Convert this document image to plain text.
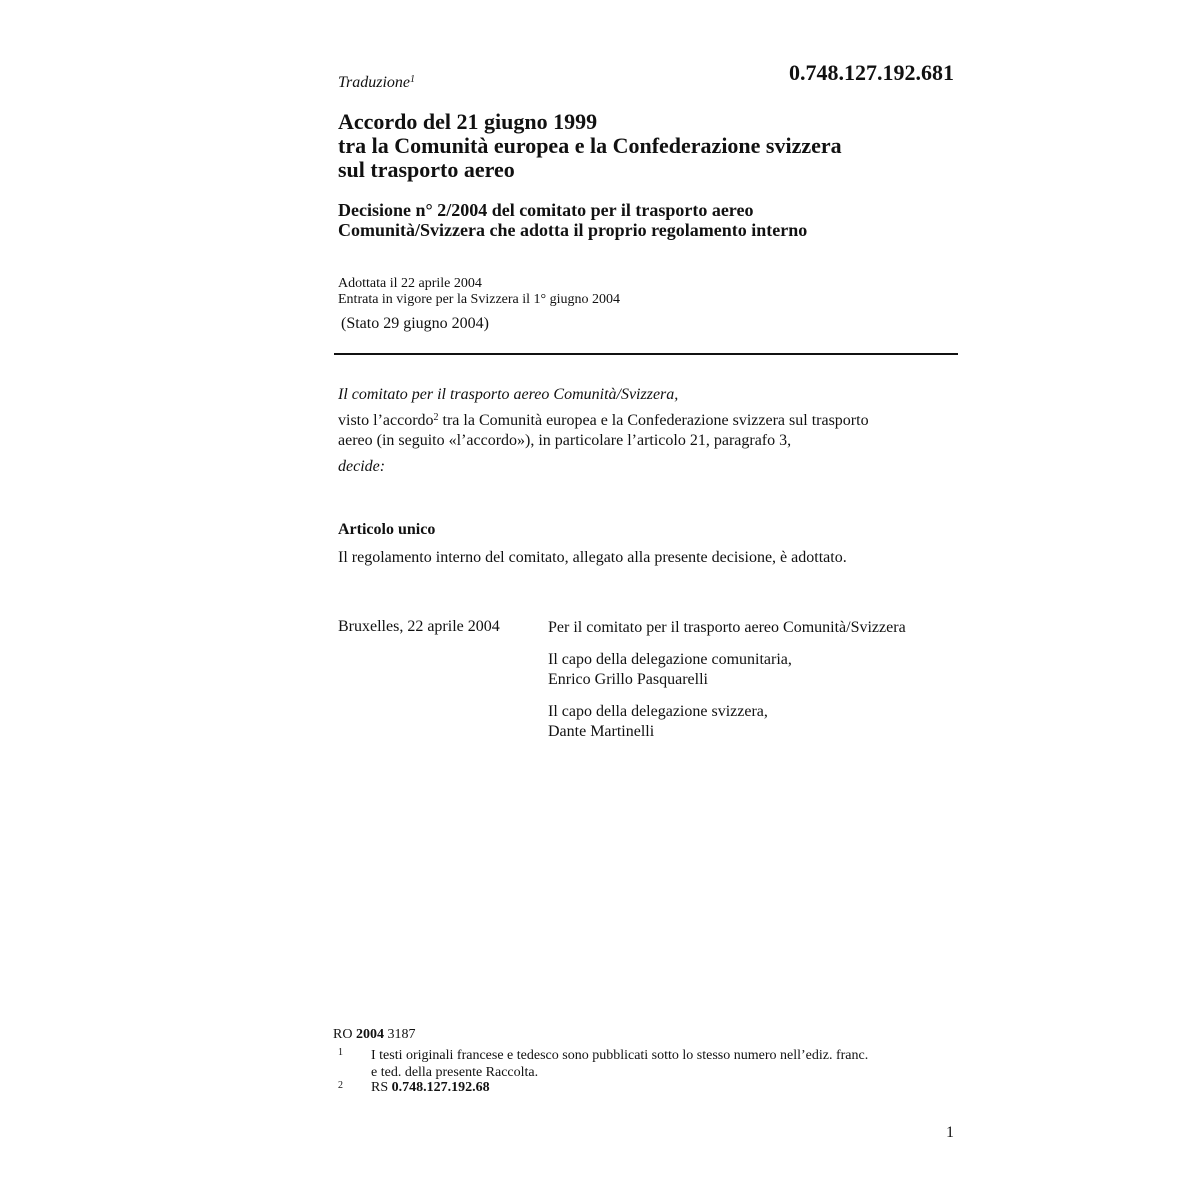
0.748.127.192.681
Traduzione$^1$
Accordo del 21 giugno 1999
tra la Comunità europea e la Confederazione svizzera
sul trasporto aereo
Decisione n° 2/2004 del comitato per il trasporto aereo
Comunità/Svizzera che adotta il proprio regolamento interno
Adottata il 22 aprile 2004
Entrata in vigore per la Svizzera il 1° giugno 2004
(Stato 29 giugno 2004)
Il comitato per il trasporto aereo Comunità/Svizzera,
visto l’accordo$^2$ tra la Comunità europea e la Confederazione svizzera sul trasporto
aereo (in seguito «l’accordo»), in particolare l’articolo 21, paragrafo 3,
decide:
Articolo unico
Il regolamento interno del comitato, allegato alla presente decisione, è adottato.
Bruxelles, 22 aprile 2004	Per il comitato per il trasporto aereo Comunità/Svizzera
Il capo della delegazione comunitaria,
Enrico Grillo Pasquarelli
Il capo della delegazione svizzera,
Dante Martinelli
RO 2004 3187
1 I testi originali francese e tedesco sono pubblicati sotto lo stesso numero nell’ediz. franc.
e ted. della presente Raccolta.
2 RS 0.748.127.192.68
1
